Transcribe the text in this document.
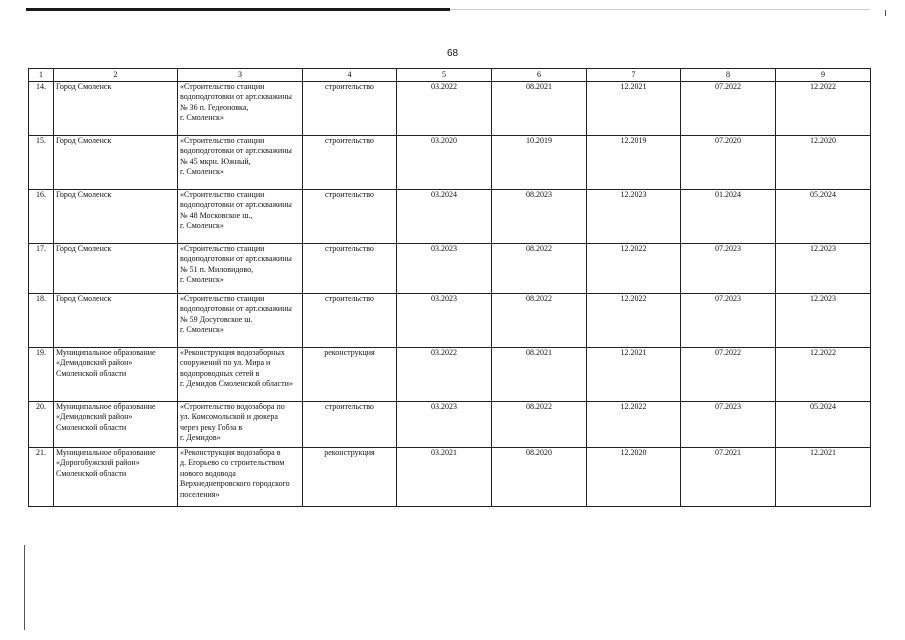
68
1	2	3	4	5	6	7	8	9
14.	Город Смоленск	«Строительство станции
водоподготовки от арт.скважины
№ 36 п. Гедеоновка,
г. Смоленск»	строительство	03.2022	08.2021	12.2021	07.2022	12.2022
15.	Город Смоленск	«Строительство станции
водоподготовки от арт.скважины
№ 45 мкрн. Южный,
г. Смоленск»	строительство	03.2020	10.2019	12.2019	07.2020	12.2020
16.	Город Смоленск	«Строительство станции
водоподготовки от арт.скважины
№ 48 Московское ш.,
г. Смоленск»	строительство	03.2024	08.2023	12.2023	01.2024	05.2024
17.	Город Смоленск	«Строительство станции
водоподготовки от арт.скважины
№ 51 п. Миловидово,
г. Смоленск»	строительство	03.2023	08.2022	12.2022	07.2023	12.2023
18.	Город Смоленск	«Строительство станции
водоподготовки от арт.скважины
№ 59 Досуговское ш.
г. Смоленск»	строительство	03.2023	08.2022	12.2022	07.2023	12.2023
19.	Муниципальное образование «Демидовский район» Смоленской области	«Реконструкция водозаборных
сооружений по ул. Мира и
водопроводных сетей в
г. Демидов Смоленской области»	реконструкция	03.2022	08.2021	12.2021	07.2022	12.2022
20.	Муниципальное образование «Демидовский район» Смоленской области	«Строительство водозабора по
ул. Комсомольской и дюкера
через реку Гобза в
г. Демидов»	строительство	03.2023	08.2022	12.2022	07.2023	05.2024
21.	Муниципальное образование «Дорогобужский район» Смоленской области	«Реконструкция водозабора в
д. Егорьево со строительством
нового водовода
Верхнеднепровского городского
поселения»	реконструкция	03.2021	08.2020	12.2020	07.2021	12.2021
